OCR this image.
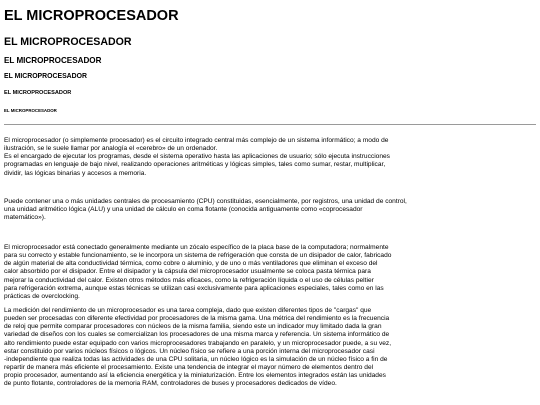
EL MICROPROCESADOR
EL MICROPROCESADOR
EL MICROPROCESADOR
EL MICROPROCESADOR
EL MICROPROCESADOR
EL MICROPROCESADOR
El microprocesador (o simplemente procesador) es el circuito integrado central más complejo de un sistema informático; a modo de
ilustración, se le suele llamar por analogía el «cerebro» de un ordenador.
Es el encargado de ejecutar los programas, desde el sistema operativo hasta las aplicaciones de usuario; sólo ejecuta instrucciones
programadas en lenguaje de bajo nivel, realizando operaciones aritméticas y lógicas simples, tales como sumar, restar, multiplicar,
dividir, las lógicas binarias y accesos a memoria.
Puede contener una o más unidades centrales de procesamiento (CPU) constituidas, esencialmente, por registros, una unidad de control,
una unidad aritmético lógica (ALU) y una unidad de cálculo en coma flotante (conocida antiguamente como «coprocesador
matemático»).
El microprocesador está conectado generalmente mediante un zócalo específico de la placa base de la computadora; normalmente
para su correcto y estable funcionamiento, se le incorpora un sistema de refrigeración que consta de un disipador de calor, fabricado
de algún material de alta conductividad térmica, como cobre o aluminio, y de uno o más ventiladores que eliminan el exceso del
calor absorbido por el disipador. Entre el disipador y la cápsula del microprocesador usualmente se coloca pasta térmica para
mejorar la conductividad del calor. Existen otros métodos más eficaces, como la refrigeración líquida o el uso de células peltier
para refrigeración extrema, aunque estas técnicas se utilizan casi exclusivamente para aplicaciones especiales, tales como en las
prácticas de overclocking.
La medición del rendimiento de un microprocesador es una tarea compleja, dado que existen diferentes tipos de "cargas" que
pueden ser procesadas con diferente efectividad por procesadores de la misma gama. Una métrica del rendimiento es la frecuencia
de reloj que permite comparar procesadores con núcleos de la misma familia, siendo este un indicador muy limitado dada la gran
variedad de diseños con los cuales se comercializan los procesadores de una misma marca y referencia. Un sistema informático de
alto rendimiento puede estar equipado con varios microprocesadores trabajando en paralelo, y un microprocesador puede, a su vez,
estar constituido por varios núcleos físicos o lógicos. Un núcleo físico se refiere a una porción interna del microprocesador casi
-independiente que realiza todas las actividades de una CPU solitaria, un núcleo lógico es la simulación de un núcleo físico a fin de
repartir de manera más eficiente el procesamiento. Existe una tendencia de integrar el mayor número de elementos dentro del
propio procesador, aumentando así la eficiencia energética y la miniaturización. Entre los elementos integrados están las unidades
de punto flotante, controladores de la memoria RAM, controladores de buses y procesadores dedicados de vídeo.
